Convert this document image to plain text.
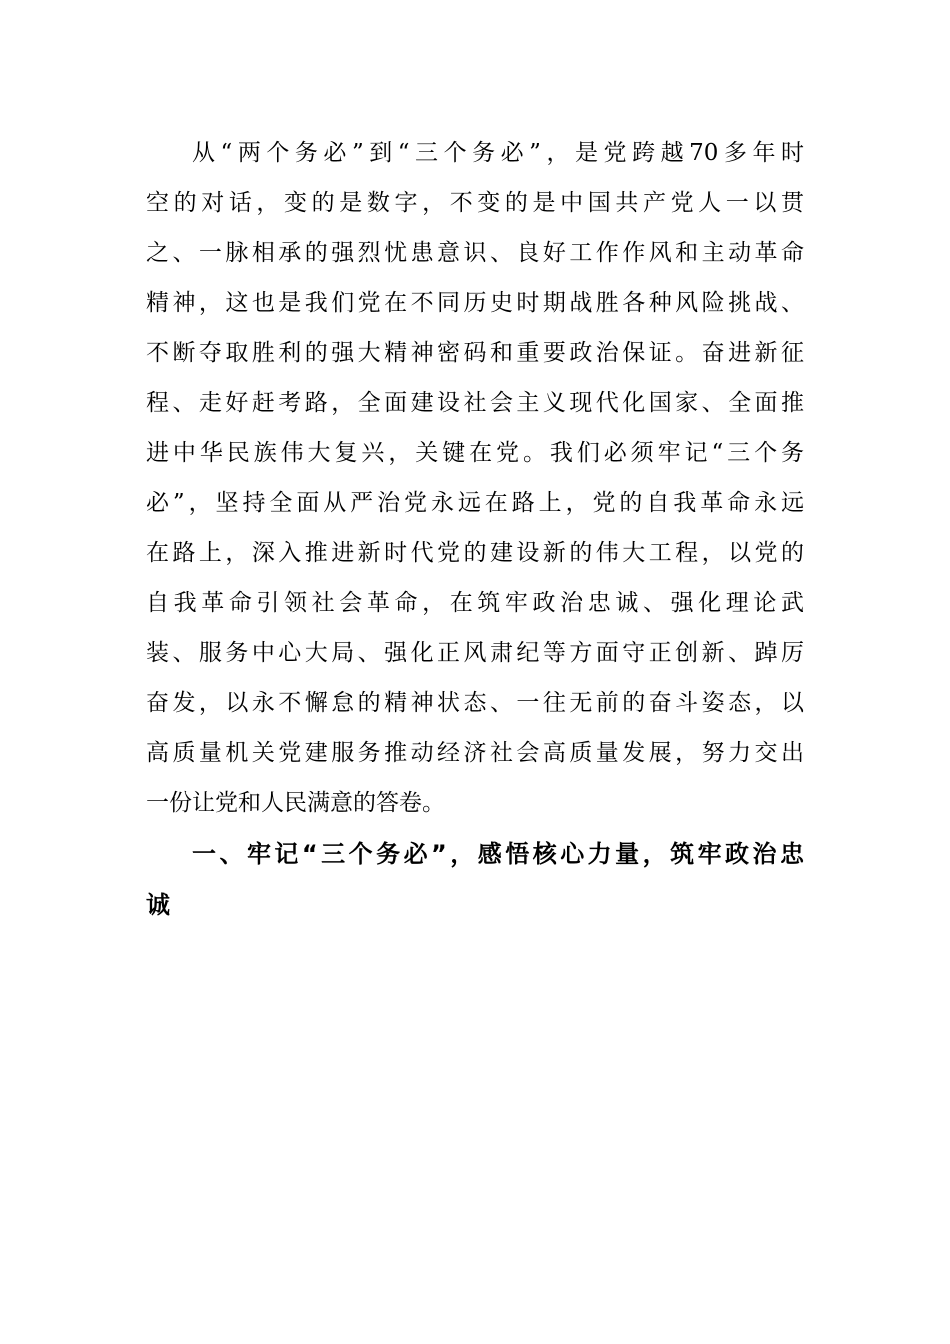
从“两个务必”到“三个务必”，是党跨越70多年时
空的对话，变的是数字，不变的是中国共产党人一以贯
之、一脉相承的强烈忧患意识、良好工作作风和主动革命
精神，这也是我们党在不同历史时期战胜各种风险挑战、
不断夺取胜利的强大精神密码和重要政治保证。奋进新征
程、走好赶考路，全面建设社会主义现代化国家、全面推
进中华民族伟大复兴，关键在党。我们必须牢记“三个务
必”，坚持全面从严治党永远在路上，党的自我革命永远
在路上，深入推进新时代党的建设新的伟大工程，以党的
自我革命引领社会革命，在筑牢政治忠诚、强化理论武
装、服务中心大局、强化正风肃纪等方面守正创新、踔厉
奋发，以永不懈怠的精神状态、一往无前的奋斗姿态，以
高质量机关党建服务推动经济社会高质量发展，努力交出
一份让党和人民满意的答卷。
一、牢记“三个务必”，感悟核心力量，筑牢政治忠
诚
